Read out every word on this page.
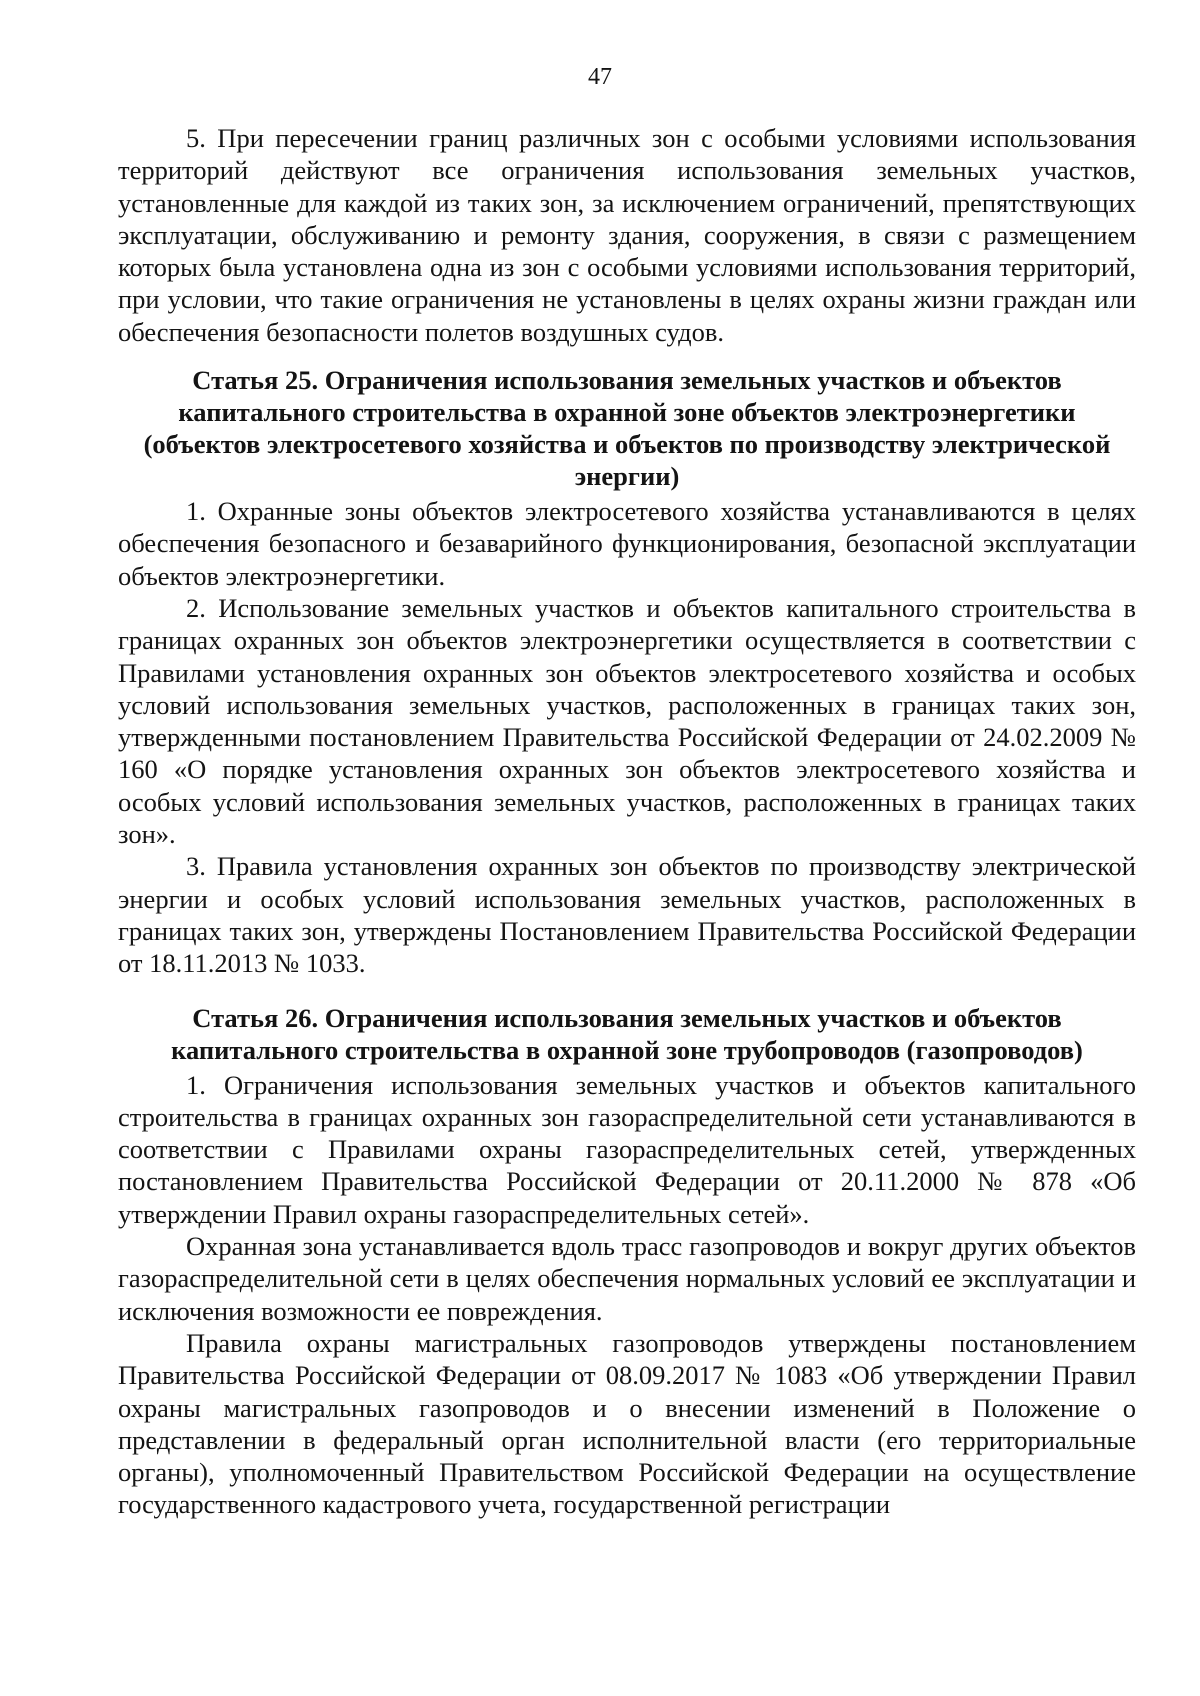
47

5. При пересечении границ различных зон с особыми условиями использования территорий действуют все ограничения использования земельных участков, установленные для каждой из таких зон, за исключением ограничений, препятствующих эксплуатации, обслуживанию и ремонту здания, сооружения, в связи с размещением которых была установлена одна из зон с особыми условиями использования территорий, при условии, что такие ограничения не установлены в целях охраны жизни граждан или обеспечения безопасности полетов воздушных судов.

Статья 25. Ограничения использования земельных участков и объектов капитального строительства в охранной зоне объектов электроэнергетики (объектов электросетевого хозяйства и объектов по производству электрической энергии)

1. Охранные зоны объектов электросетевого хозяйства устанавливаются в целях обеспечения безопасного и безаварийного функционирования, безопасной эксплуатации объектов электроэнергетики.

2. Использование земельных участков и объектов капитального строительства в границах охранных зон объектов электроэнергетики осуществляется в соответствии с Правилами установления охранных зон объектов электросетевого хозяйства и особых условий использования земельных участков, расположенных в границах таких зон, утвержденными постановлением Правительства Российской Федерации от 24.02.2009 № 160 «О порядке установления охранных зон объектов электросетевого хозяйства и особых условий использования земельных участков, расположенных в границах таких зон».

3. Правила установления охранных зон объектов по производству электрической энергии и особых условий использования земельных участков, расположенных в границах таких зон, утверждены Постановлением Правительства Российской Федерации от 18.11.2013 № 1033.

Статья 26. Ограничения использования земельных участков и объектов капитального строительства в охранной зоне трубопроводов (газопроводов)

1. Ограничения использования земельных участков и объектов капитального строительства в границах охранных зон газораспределительной сети устанавливаются в соответствии с Правилами охраны газораспределительных сетей, утвержденных постановлением Правительства Российской Федерации от 20.11.2000 № 878 «Об утверждении Правил охраны газораспределительных сетей».

Охранная зона устанавливается вдоль трасс газопроводов и вокруг других объектов газораспределительной сети в целях обеспечения нормальных условий ее эксплуатации и исключения возможности ее повреждения.

Правила охраны магистральных газопроводов утверждены постановлением Правительства Российской Федерации от 08.09.2017 № 1083 «Об утверждении Правил охраны магистральных газопроводов и о внесении изменений в Положение о представлении в федеральный орган исполнительной власти (его территориальные органы), уполномоченный Правительством Российской Федерации на осуществление государственного кадастрового учета, государственной регистрации
